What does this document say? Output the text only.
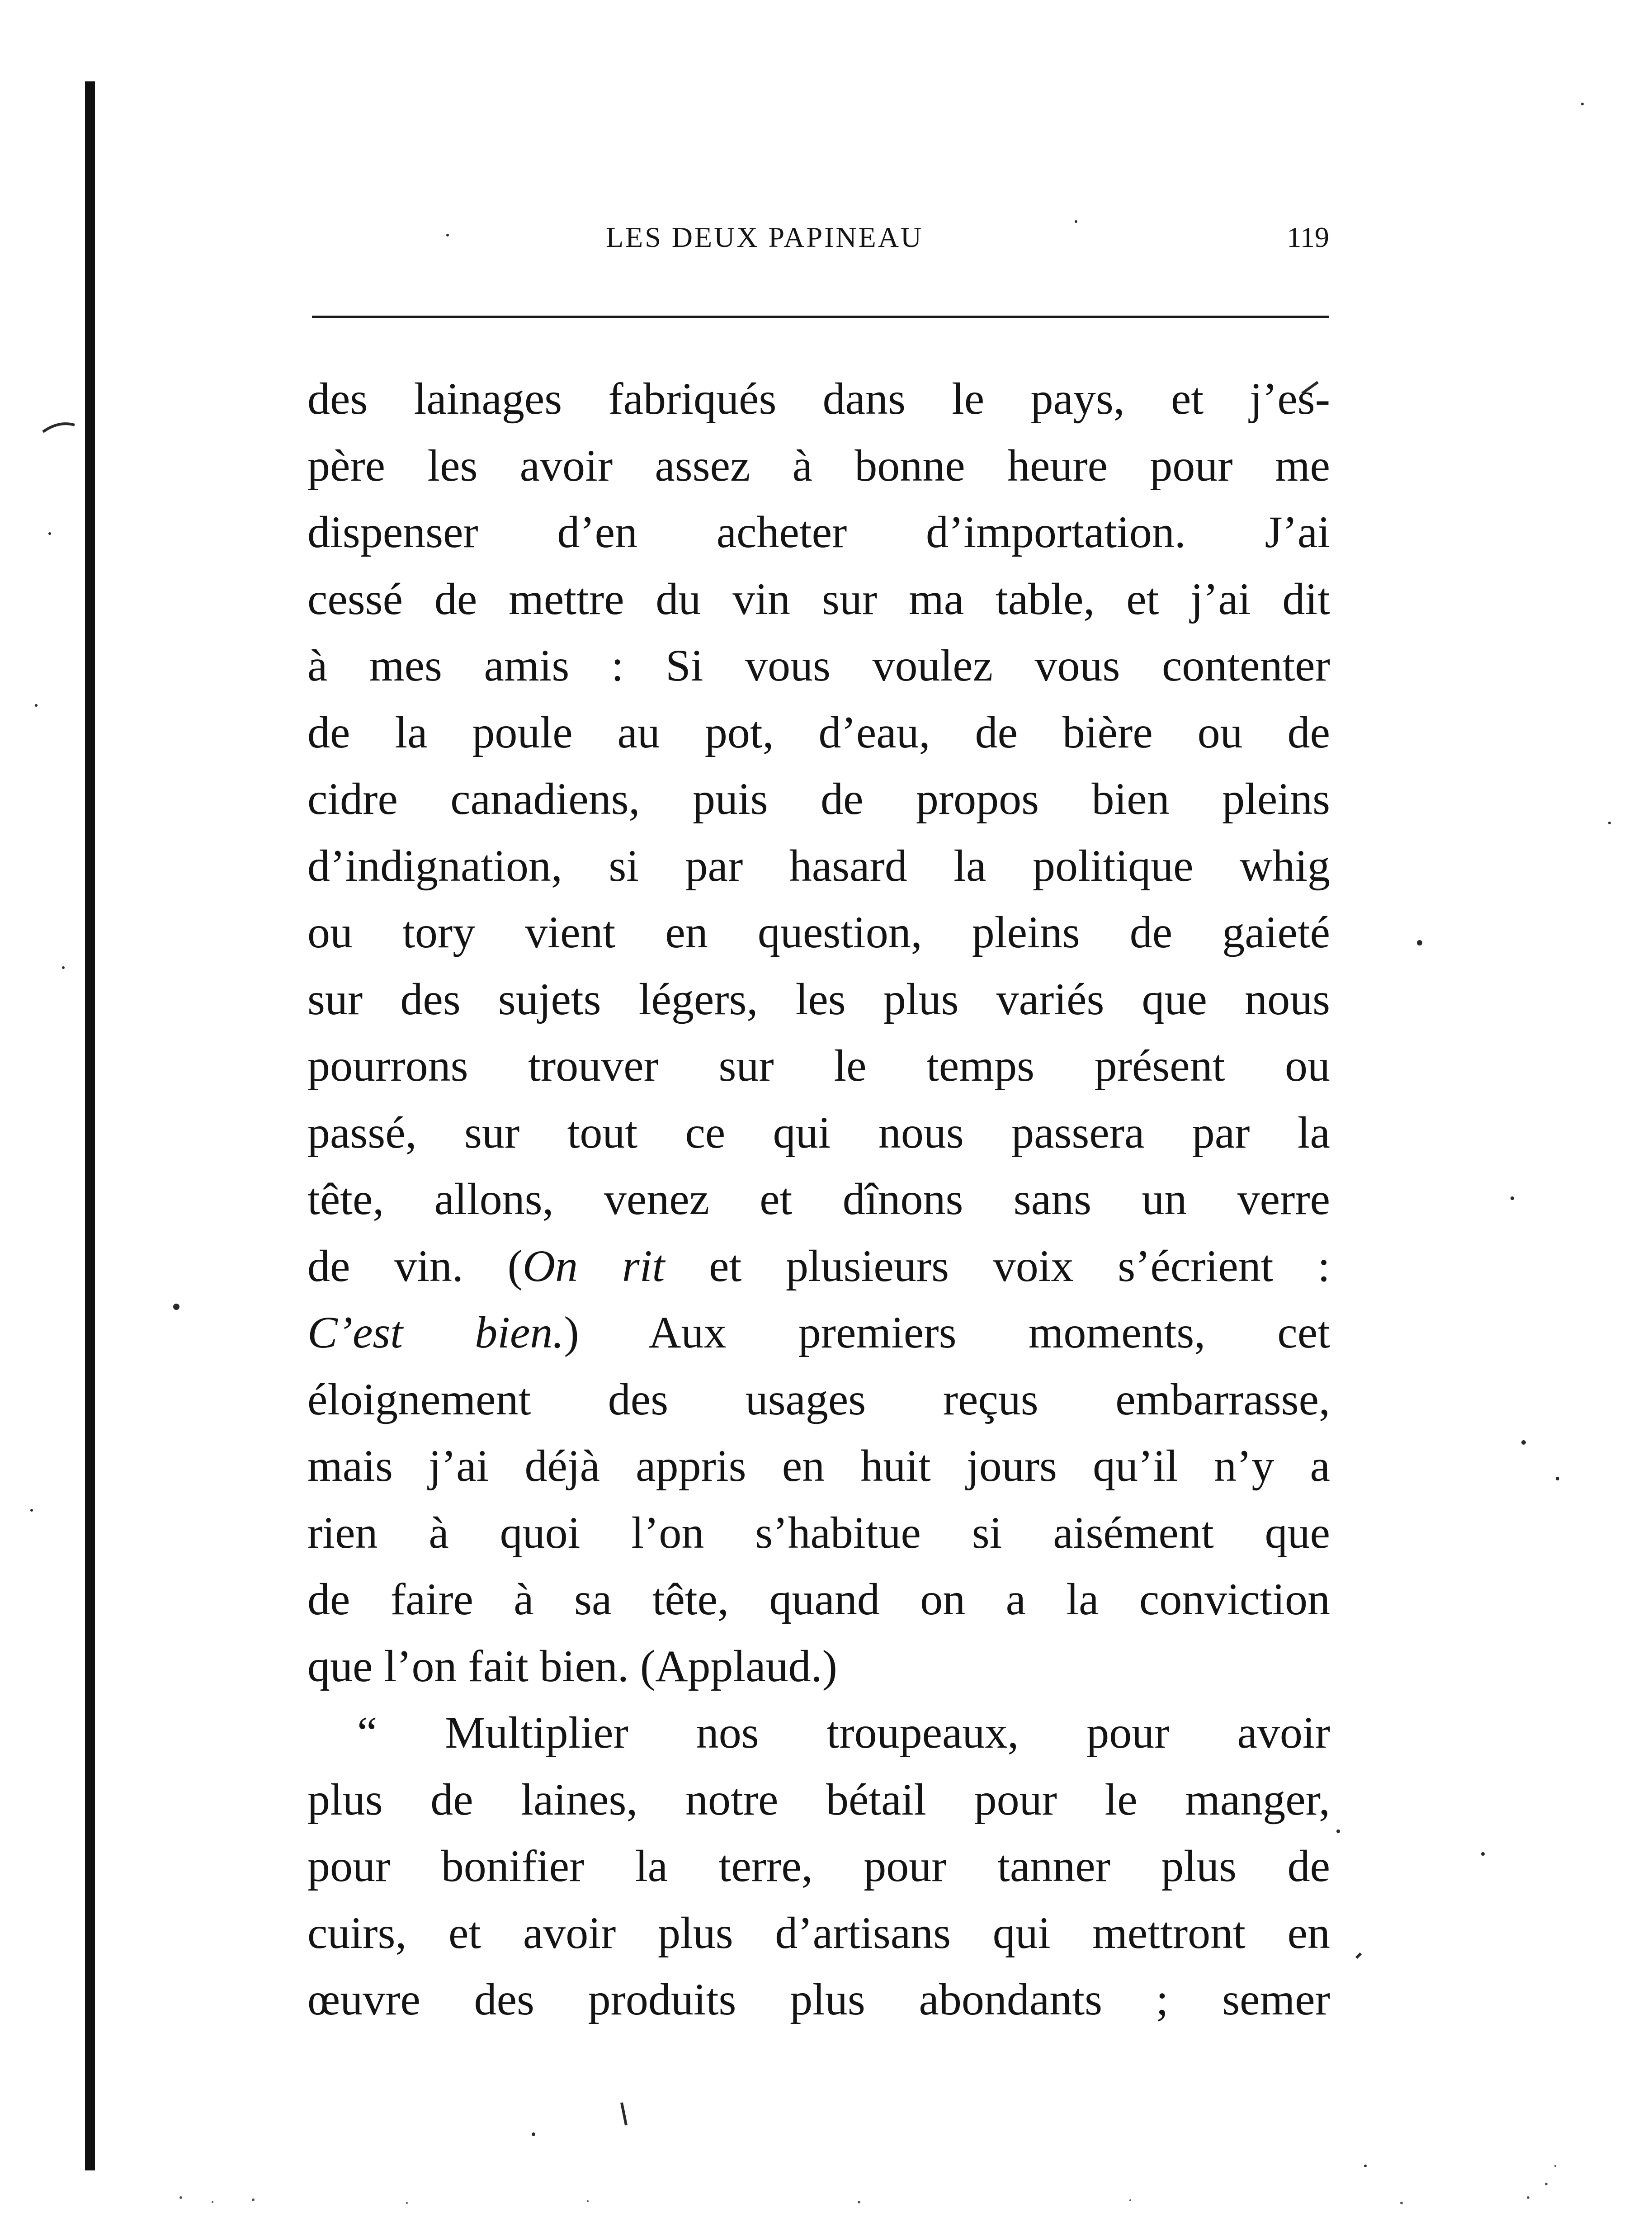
LES DEUX PAPINEAU	119
des lainages fabriqués dans le pays, et j’es-
père les avoir assez à bonne heure pour me
dispenser d’en acheter d’importation. J’ai
cessé de mettre du vin sur ma table, et j’ai dit
à mes amis : Si vous voulez vous contenter
de la poule au pot, d’eau, de bière ou de
cidre canadiens, puis de propos bien pleins
d’indignation, si par hasard la politique whig
ou tory vient en question, pleins de gaieté
sur des sujets légers, les plus variés que nous
pourrons trouver sur le temps présent ou
passé, sur tout ce qui nous passera par la
tête, allons, venez et dînons sans un verre
de vin. (On rit et plusieurs voix s’écrient :
C’est bien.) Aux premiers moments, cet
éloignement des usages reçus embarrasse,
mais j’ai déjà appris en huit jours qu’il n’y a
rien à quoi l’on s’habitue si aisément que
de faire à sa tête, quand on a la conviction
que l’on fait bien. (Applaud.)
“ Multiplier nos troupeaux, pour avoir
plus de laines, notre bétail pour le manger,
pour bonifier la terre, pour tanner plus de
cuirs, et avoir plus d’artisans qui mettront en
œuvre des produits plus abondants ; semer
